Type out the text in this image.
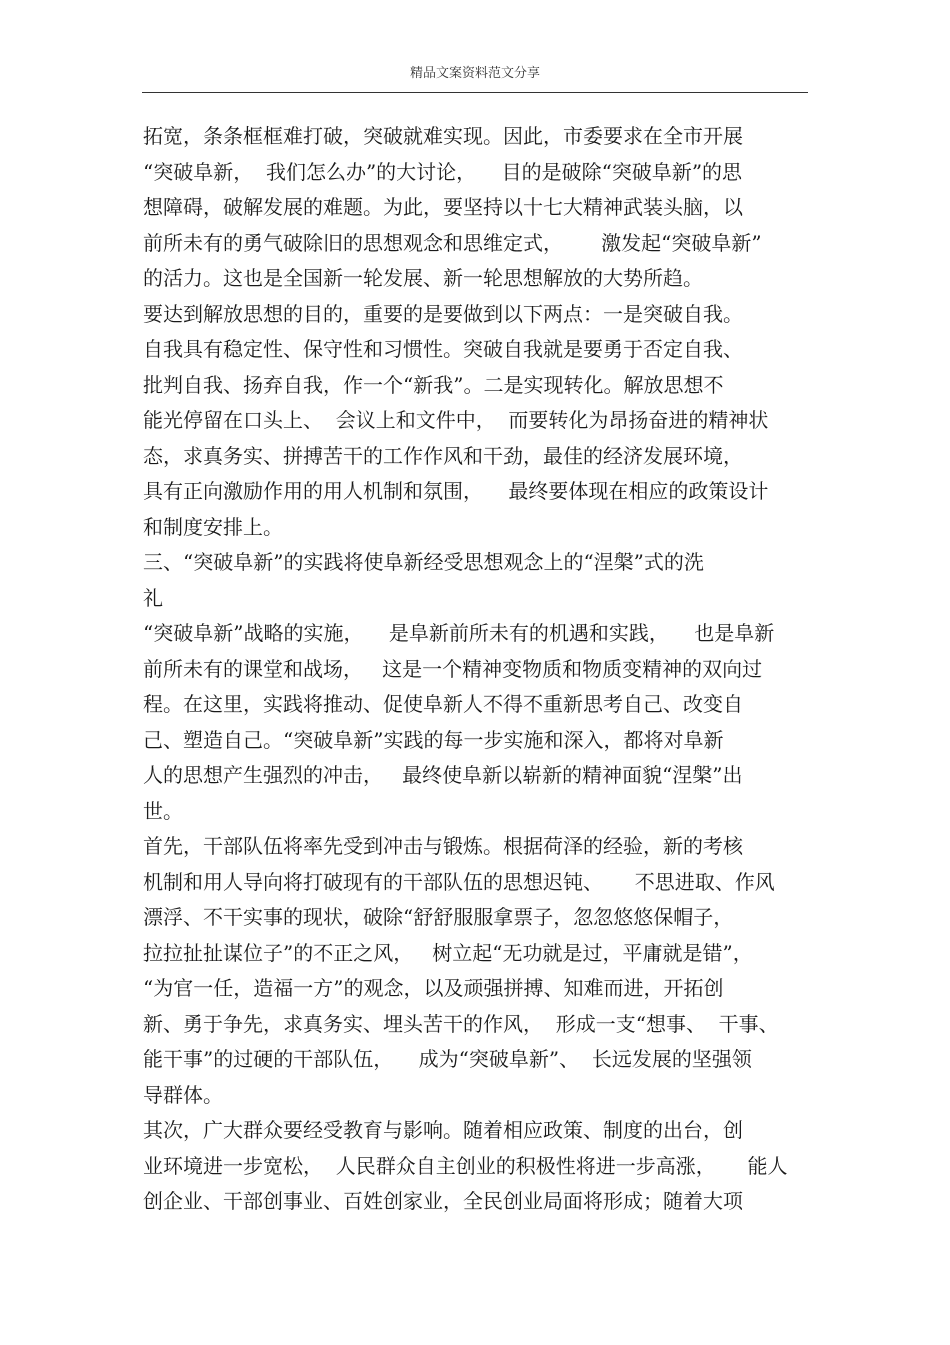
精品文案资料范文分享
拓宽，条条框框难打破，突破就难实现。因此，市委要求在全市开展
“突破阜新，  我们怎么办”的大讨论，    目的是破除“突破阜新”的思
想障碍，破解发展的难题。为此，要坚持以十七大精神武装头脑，以
前所未有的勇气破除旧的思想观念和思维定式，      激发起“突破阜新”
的活力。这也是全国新一轮发展、新一轮思想解放的大势所趋。
要达到解放思想的目的，重要的是要做到以下两点：一是突破自我。
自我具有稳定性、保守性和习惯性。突破自我就是要勇于否定自我、
批判自我、扬弃自我，作一个“新我”。二是实现转化。解放思想不
能光停留在口头上、  会议上和文件中，  而要转化为昂扬奋进的精神状
态，求真务实、拼搏苦干的工作作风和干劲，最佳的经济发展环境，
具有正向激励作用的用人机制和氛围，    最终要体现在相应的政策设计
和制度安排上。
三、“突破阜新”的实践将使阜新经受思想观念上的“涅槃”式的洗
礼
“突破阜新”战略的实施，    是阜新前所未有的机遇和实践，    也是阜新
前所未有的课堂和战场，   这是一个精神变物质和物质变精神的双向过
程。在这里，实践将推动、促使阜新人不得不重新思考自己、改变自
己、塑造自己。“突破阜新”实践的每一步实施和深入，都将对阜新
人的思想产生强烈的冲击，   最终使阜新以崭新的精神面貌“涅槃”出
世。
首先，干部队伍将率先受到冲击与锻炼。根据荷泽的经验，新的考核
机制和用人导向将打破现有的干部队伍的思想迟钝、     不思进取、作风
漂浮、不干实事的现状，破除“舒舒服服拿票子，忽忽悠悠保帽子，
拉拉扯扯谋位子”的不正之风，   树立起“无功就是过，平庸就是错”，
“为官一任，造福一方”的观念，以及顽强拼搏、知难而进，开拓创
新、勇于争先，求真务实、埋头苦干的作风，  形成一支“想事、  干事、
能干事”的过硬的干部队伍，    成为“突破阜新”、  长远发展的坚强领
导群体。
其次，广大群众要经受教育与影响。随着相应政策、制度的出台，创
业环境进一步宽松，  人民群众自主创业的积极性将进一步高涨，     能人
创企业、干部创事业、百姓创家业，全民创业局面将形成；随着大项
